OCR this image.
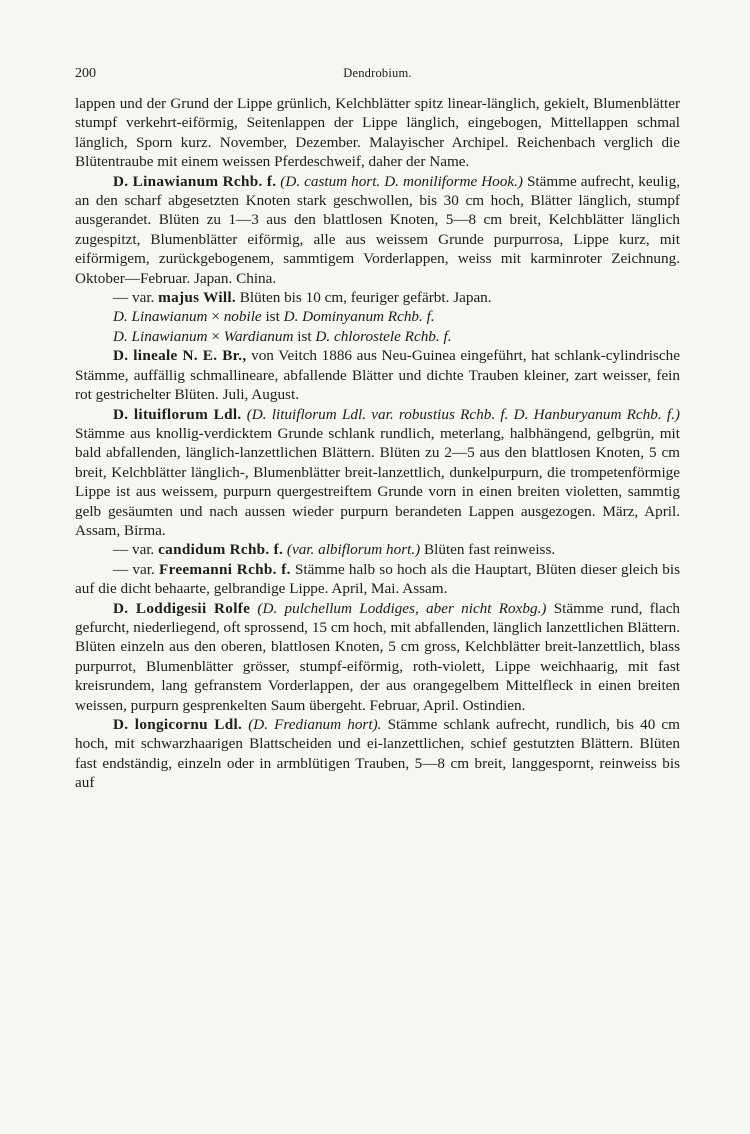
200	Dendrobium.

lappen und der Grund der Lippe grünlich, Kelchblätter spitz linear-länglich, gekielt, Blumenblätter stumpf verkehrt-eiförmig, Seitenlappen der Lippe länglich, eingebogen, Mittellappen schmal länglich, Sporn kurz. November, Dezember. Malayischer Archipel. Reichenbach verglich die Blütentraube mit einem weissen Pferdeschweif, daher der Name.

D. Linawianum Rchb. f. (D. castum hort. D. moniliforme Hook.) Stämme aufrecht, keulig, an den scharf abgesetzten Knoten stark geschwollen, bis 30 cm hoch, Blätter länglich, stumpf ausgerandet. Blüten zu 1—3 aus den blattlosen Knoten, 5—8 cm breit, Kelchblätter länglich zugespitzt, Blumenblätter eiförmig, alle aus weissem Grunde purpurrosa, Lippe kurz, mit eiförmigem, zurückgebogenem, sammtigem Vorderlappen, weiss mit karminroter Zeichnung. Oktober—Februar. Japan. China.

— var. majus Will. Blüten bis 10 cm, feuriger gefärbt. Japan.

D. Linawianum × nobile ist D. Dominyanum Rchb. f.

D. Linawianum × Wardianum ist D. chlorostele Rchb. f.

D. lineale N. E. Br., von Veitch 1886 aus Neu-Guinea eingeführt, hat schlank-cylindrische Stämme, auffällig schmallineare, abfallende Blätter und dichte Trauben kleiner, zart weisser, fein rot gestrichelter Blüten. Juli, August.

D. lituiflorum Ldl. (D. lituiflorum Ldl. var. robustius Rchb. f. D. Hanburyanum Rchb. f.) Stämme aus knollig-verdicktem Grunde schlank rundlich, meterlang, halbhängend, gelbgrün, mit bald abfallenden, länglich-lanzettlichen Blättern. Blüten zu 2—5 aus den blattlosen Knoten, 5 cm breit, Kelchblätter länglich-, Blumenblätter breit-lanzettlich, dunkelpurpurn, die trompetenförmige Lippe ist aus weissem, purpurn quergestreiftem Grunde vorn in einen breiten violetten, sammtig gelb gesäumten und nach aussen wieder purpurn berandeten Lappen ausgezogen. März, April. Assam, Birma.

— var. candidum Rchb. f. (var. albiflorum hort.) Blüten fast reinweiss.

— var. Freemanni Rchb. f. Stämme halb so hoch als die Hauptart, Blüten dieser gleich bis auf die dicht behaarte, gelbrandige Lippe. April, Mai. Assam.

D. Loddigesii Rolfe (D. pulchellum Loddiges, aber nicht Roxbg.) Stämme rund, flach gefurcht, niederliegend, oft sprossend, 15 cm hoch, mit abfallenden, länglich lanzettlichen Blättern. Blüten einzeln aus den oberen, blattlosen Knoten, 5 cm gross, Kelchblätter breit-lanzettlich, blass purpurrot, Blumenblätter grösser, stumpf-eiförmig, roth-violett, Lippe weichhaarig, mit fast kreisrundem, lang gefranstem Vorderlappen, der aus orangegelbem Mittelfleck in einen breiten weissen, purpurn gesprenkelten Saum übergeht. Februar, April. Ostindien.

D. longicornu Ldl. (D. Fredianum hort). Stämme schlank aufrecht, rundlich, bis 40 cm hoch, mit schwarzhaarigen Blattscheiden und ei-lanzettlichen, schief gestutzten Blättern. Blüten fast endständig, einzeln oder in armblütigen Trauben, 5—8 cm breit, langgespornt, reinweiss bis auf
